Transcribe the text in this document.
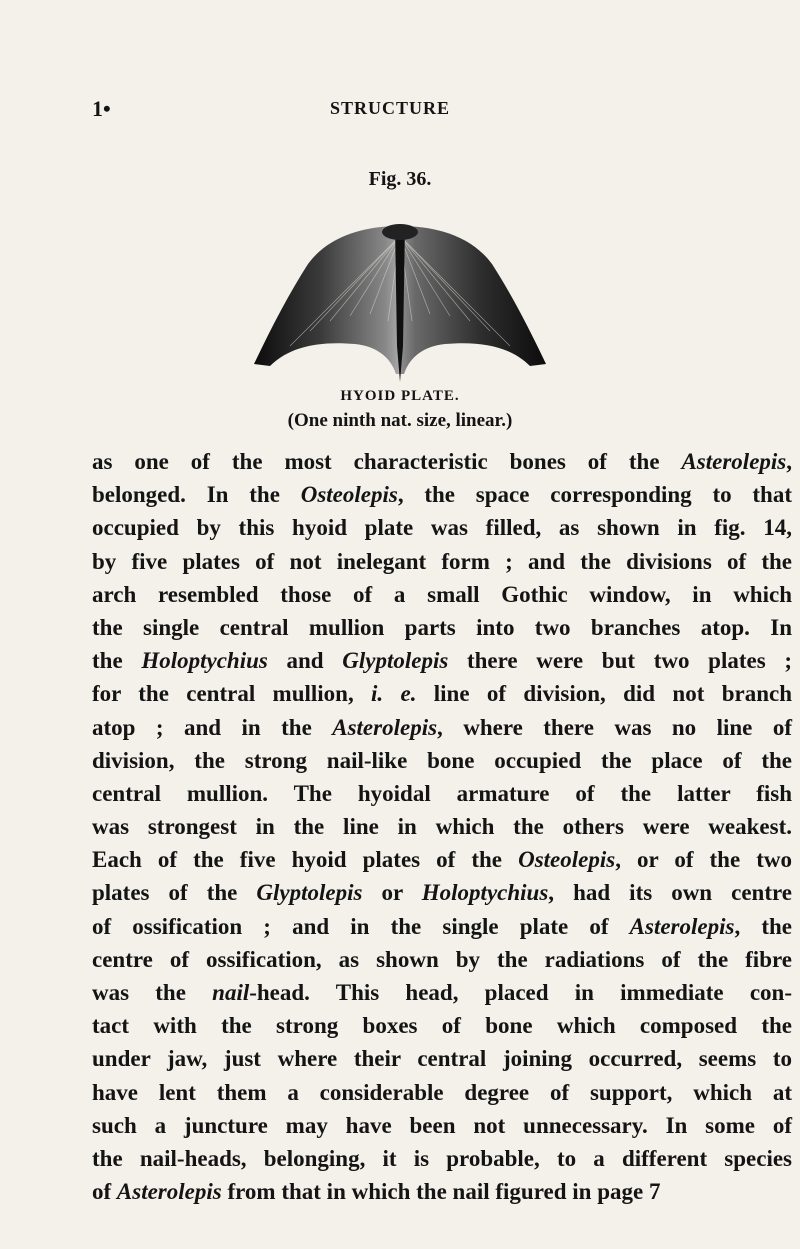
1•	STRUCTURE
Fig. 36.
HYOID PLATE.
(One ninth nat. size, linear.)
as one of the most characteristic bones of the Asterolepis,
belonged. In the Osteolepis, the space corresponding to that
occupied by this hyoid plate was filled, as shown in fig. 14,
by five plates of not inelegant form ; and the divisions of the
arch resembled those of a small Gothic window, in which
the single central mullion parts into two branches atop. In
the Holoptychius and Glyptolepis there were but two plates ;
for the central mullion, i. e. line of division, did not branch
atop ; and in the Asterolepis, where there was no line of
division, the strong nail-like bone occupied the place of the
central mullion. The hyoidal armature of the latter fish
was strongest in the line in which the others were weakest.
Each of the five hyoid plates of the Osteolepis, or of the two
plates of the Glyptolepis or Holoptychius, had its own centre
of ossification ; and in the single plate of Asterolepis, the
centre of ossification, as shown by the radiations of the fibre
was the nail-head. This head, placed in immediate con-
tact with the strong boxes of bone which composed the
under jaw, just where their central joining occurred, seems to
have lent them a considerable degree of support, which at
such a juncture may have been not unnecessary. In some of
the nail-heads, belonging, it is probable, to a different species
of Asterolepis from that in which the nail figured in page 7
